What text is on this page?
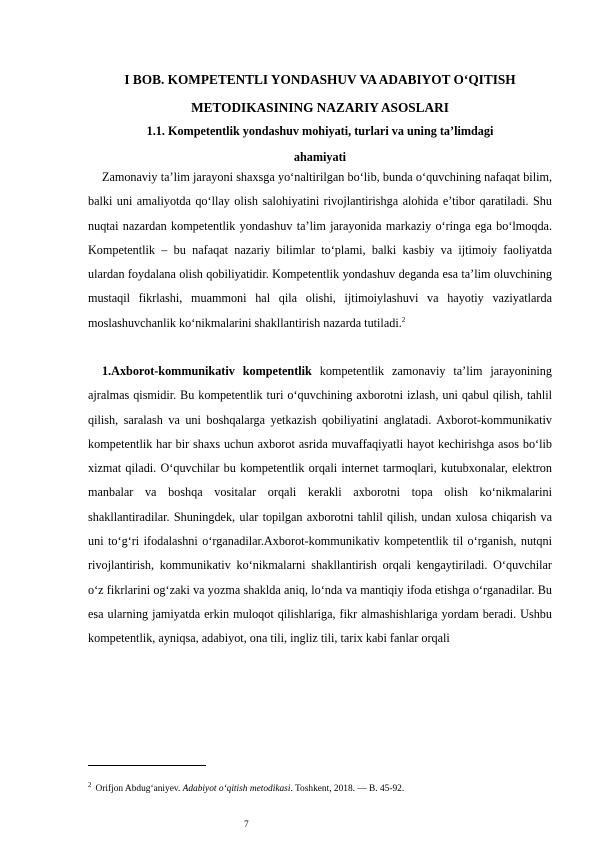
I BOB. KOMPETENTLI YONDASHUV VA ADABIYOT O‘QITISH
METODIKASINING NAZARIY ASOSLARI
1.1. Kompetentlik yondashuv mohiyati, turlari va uning ta’limdagi
ahamiyati

Zamonaviy ta’lim jarayoni shaxsga yo‘naltirilgan bo‘lib, bunda o‘quvchining nafaqat bilim, balki uni amaliyotda qo‘llay olish salohiyatini rivojlantirishga alohida e’tibor qaratiladi. Shu nuqtai nazardan kompetentlik yondashuv ta’lim jarayonida markaziy o‘ringa ega bo‘lmoqda. Kompetentlik – bu nafaqat nazariy bilimlar to‘plami, balki kasbiy va ijtimoiy faoliyatda ulardan foydalana olish qobiliyatidir. Kompetentlik yondashuv deganda esa ta’lim oluvchining mustaqil fikrlashi, muammoni hal qila olishi, ijtimoiylashuvi va hayotiy vaziyatlarda moslashuvchanlik ko‘nikmalarini shakllantirish nazarda tutiladi.$^2$

1.Axborot-kommunikativ kompetentlik kompetentlik zamonaviy ta’lim jarayonining ajralmas qismidir. Bu kompetentlik turi o‘quvchining axborotni izlash, uni qabul qilish, tahlil qilish, saralash va uni boshqalarga yetkazish qobiliyatini anglatadi. Axborot-kommunikativ kompetentlik har bir shaxs uchun axborot asrida muvaffaqiyatli hayot kechirishga asos bo‘lib xizmat qiladi. O‘quvchilar bu kompetentlik orqali internet tarmoqlari, kutubxonalar, elektron manbalar va boshqa vositalar orqali kerakli axborotni topa olish ko‘nikmalarini shakllantiradilar. Shuningdek, ular topilgan axborotni tahlil qilish, undan xulosa chiqarish va uni to‘g‘ri ifodalashni o‘rganadilar.Axborot-kommunikativ kompetentlik til o‘rganish, nutqni rivojlantirish, kommunikativ ko‘nikmalarni shakllantirish orqali kengaytiriladi. O‘quvchilar o‘z fikrlarini og‘zaki va yozma shaklda aniq, lo‘nda va mantiqiy ifoda etishga o‘rganadilar. Bu esa ularning jamiyatda erkin muloqot qilishlariga, fikr almashishlariga yordam beradi. Ushbu kompetentlik, ayniqsa, adabiyot, ona tili, ingliz tili, tarix kabi fanlar orqali

$^2$ Orifjon Abdug‘aniyev. Adabiyot o‘qitish metodikasi. Toshkent, 2018. — B. 45-92.
7
